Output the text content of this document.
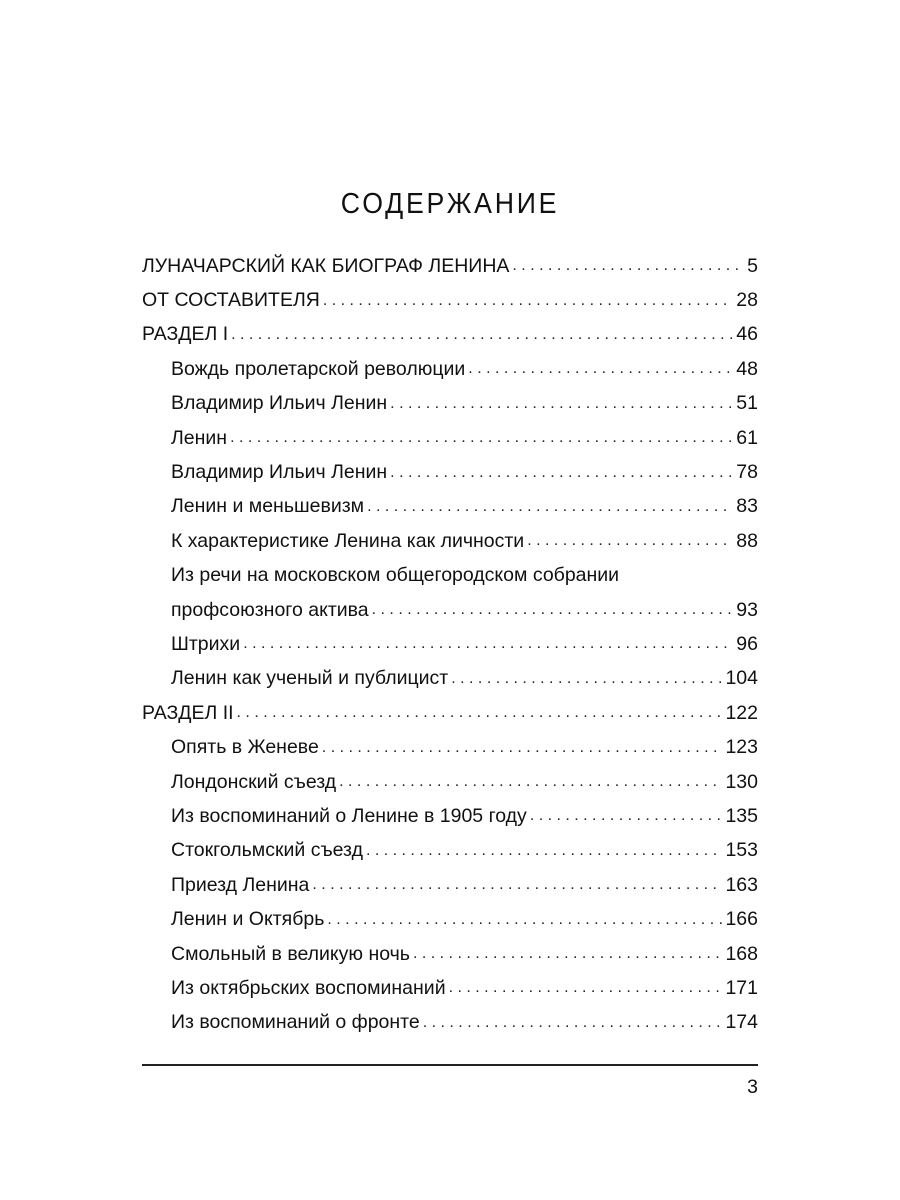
СОДЕРЖАНИЕ
ЛУНАЧАРСКИЙ КАК БИОГРАФ ЛЕНИНА . . .	5
ОТ СОСТАВИТЕЛЯ . . .	28
РАЗДЕЛ I . . .	46
Вождь пролетарской революции . . .	48
Владимир Ильич Ленин . . .	51
Ленин . . .	61
Владимир Ильич Ленин . . .	78
Ленин и меньшевизм . . .	83
К характеристике Ленина как личности . . .	88
Из речи на московском общегородском собрании
профсоюзного актива . . .	93
Штрихи . . .	96
Ленин как ученый и публицист . . .	104
РАЗДЕЛ II . . .	122
Опять в Женеве . . .	123
Лондонский съезд . . .	130
Из воспоминаний о Ленине в 1905 году . . .	135
Стокгольмский съезд . . .	153
Приезд Ленина . . .	163
Ленин и Октябрь . . .	166
Смольный в великую ночь . . .	168
Из октябрьских воспоминаний . . .	171
Из воспоминаний о фронте . . .	174
3
